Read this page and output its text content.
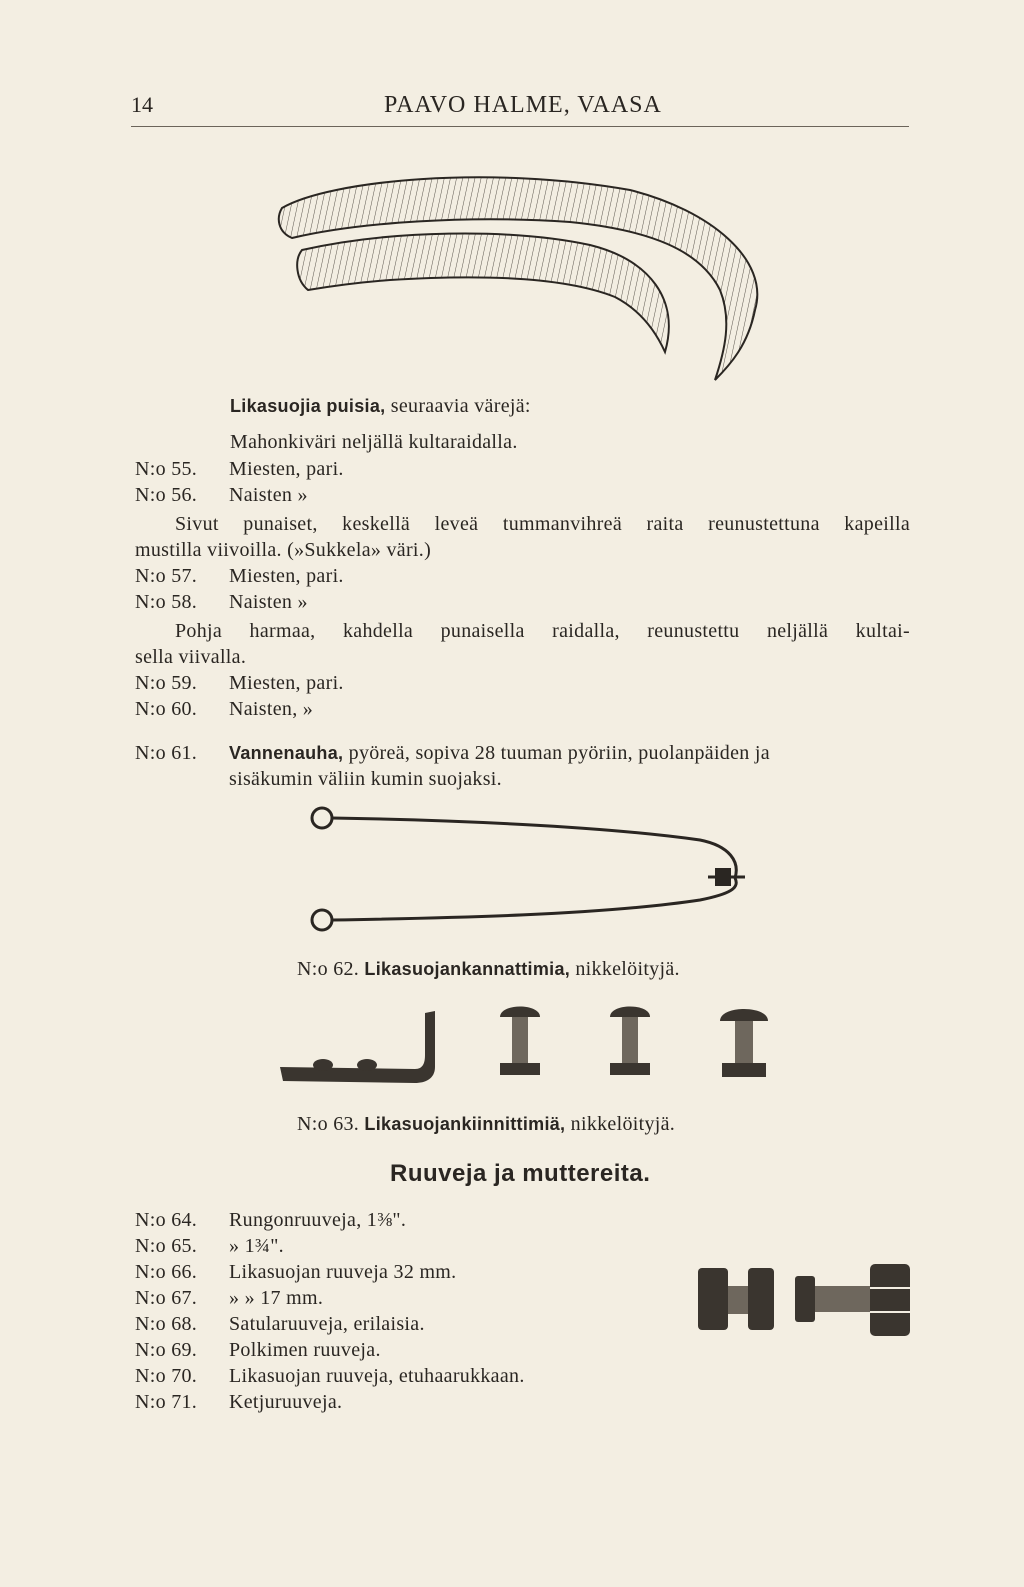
14	PAAVO HALME, VAASA
Likasuojia puisia, seuraavia värejä:
Mahonkiväri neljällä kultaraidalla.
N:o 55. Miesten, pari.
N:o 56. Naisten »
Sivut punaiset, keskellä leveä tummanvihreä raita reunustettuna kapeilla
mustilla viivoilla. (»Sukkela» väri.)
N:o 57. Miesten, pari.
N:o 58. Naisten »
Pohja harmaa, kahdella punaisella raidalla, reunustettu neljällä kultai-
sella viivalla.
N:o 59. Miesten, pari.
N:o 60. Naisten, »
N:o 61. Vannenauha, pyöreä, sopiva 28 tuuman pyöriin, puolanpäiden ja
sisäkumin väliin kumin suojaksi.
N:o 62. Likasuojankannattimia, nikkelöityjä.
N:o 63. Likasuojankiinnittimiä, nikkelöityjä.
Ruuveja ja muttereita.
N:o 64. Rungonruuveja, 1⅜".
N:o 65. » 1¾".
N:o 66. Likasuojan ruuveja 32 mm.
N:o 67. » » 17 mm.
N:o 68. Satularuuveja, erilaisia.
N:o 69. Polkimen ruuveja.
N:o 70. Likasuojan ruuveja, etuhaarukkaan.
N:o 71. Ketjuruuveja.
